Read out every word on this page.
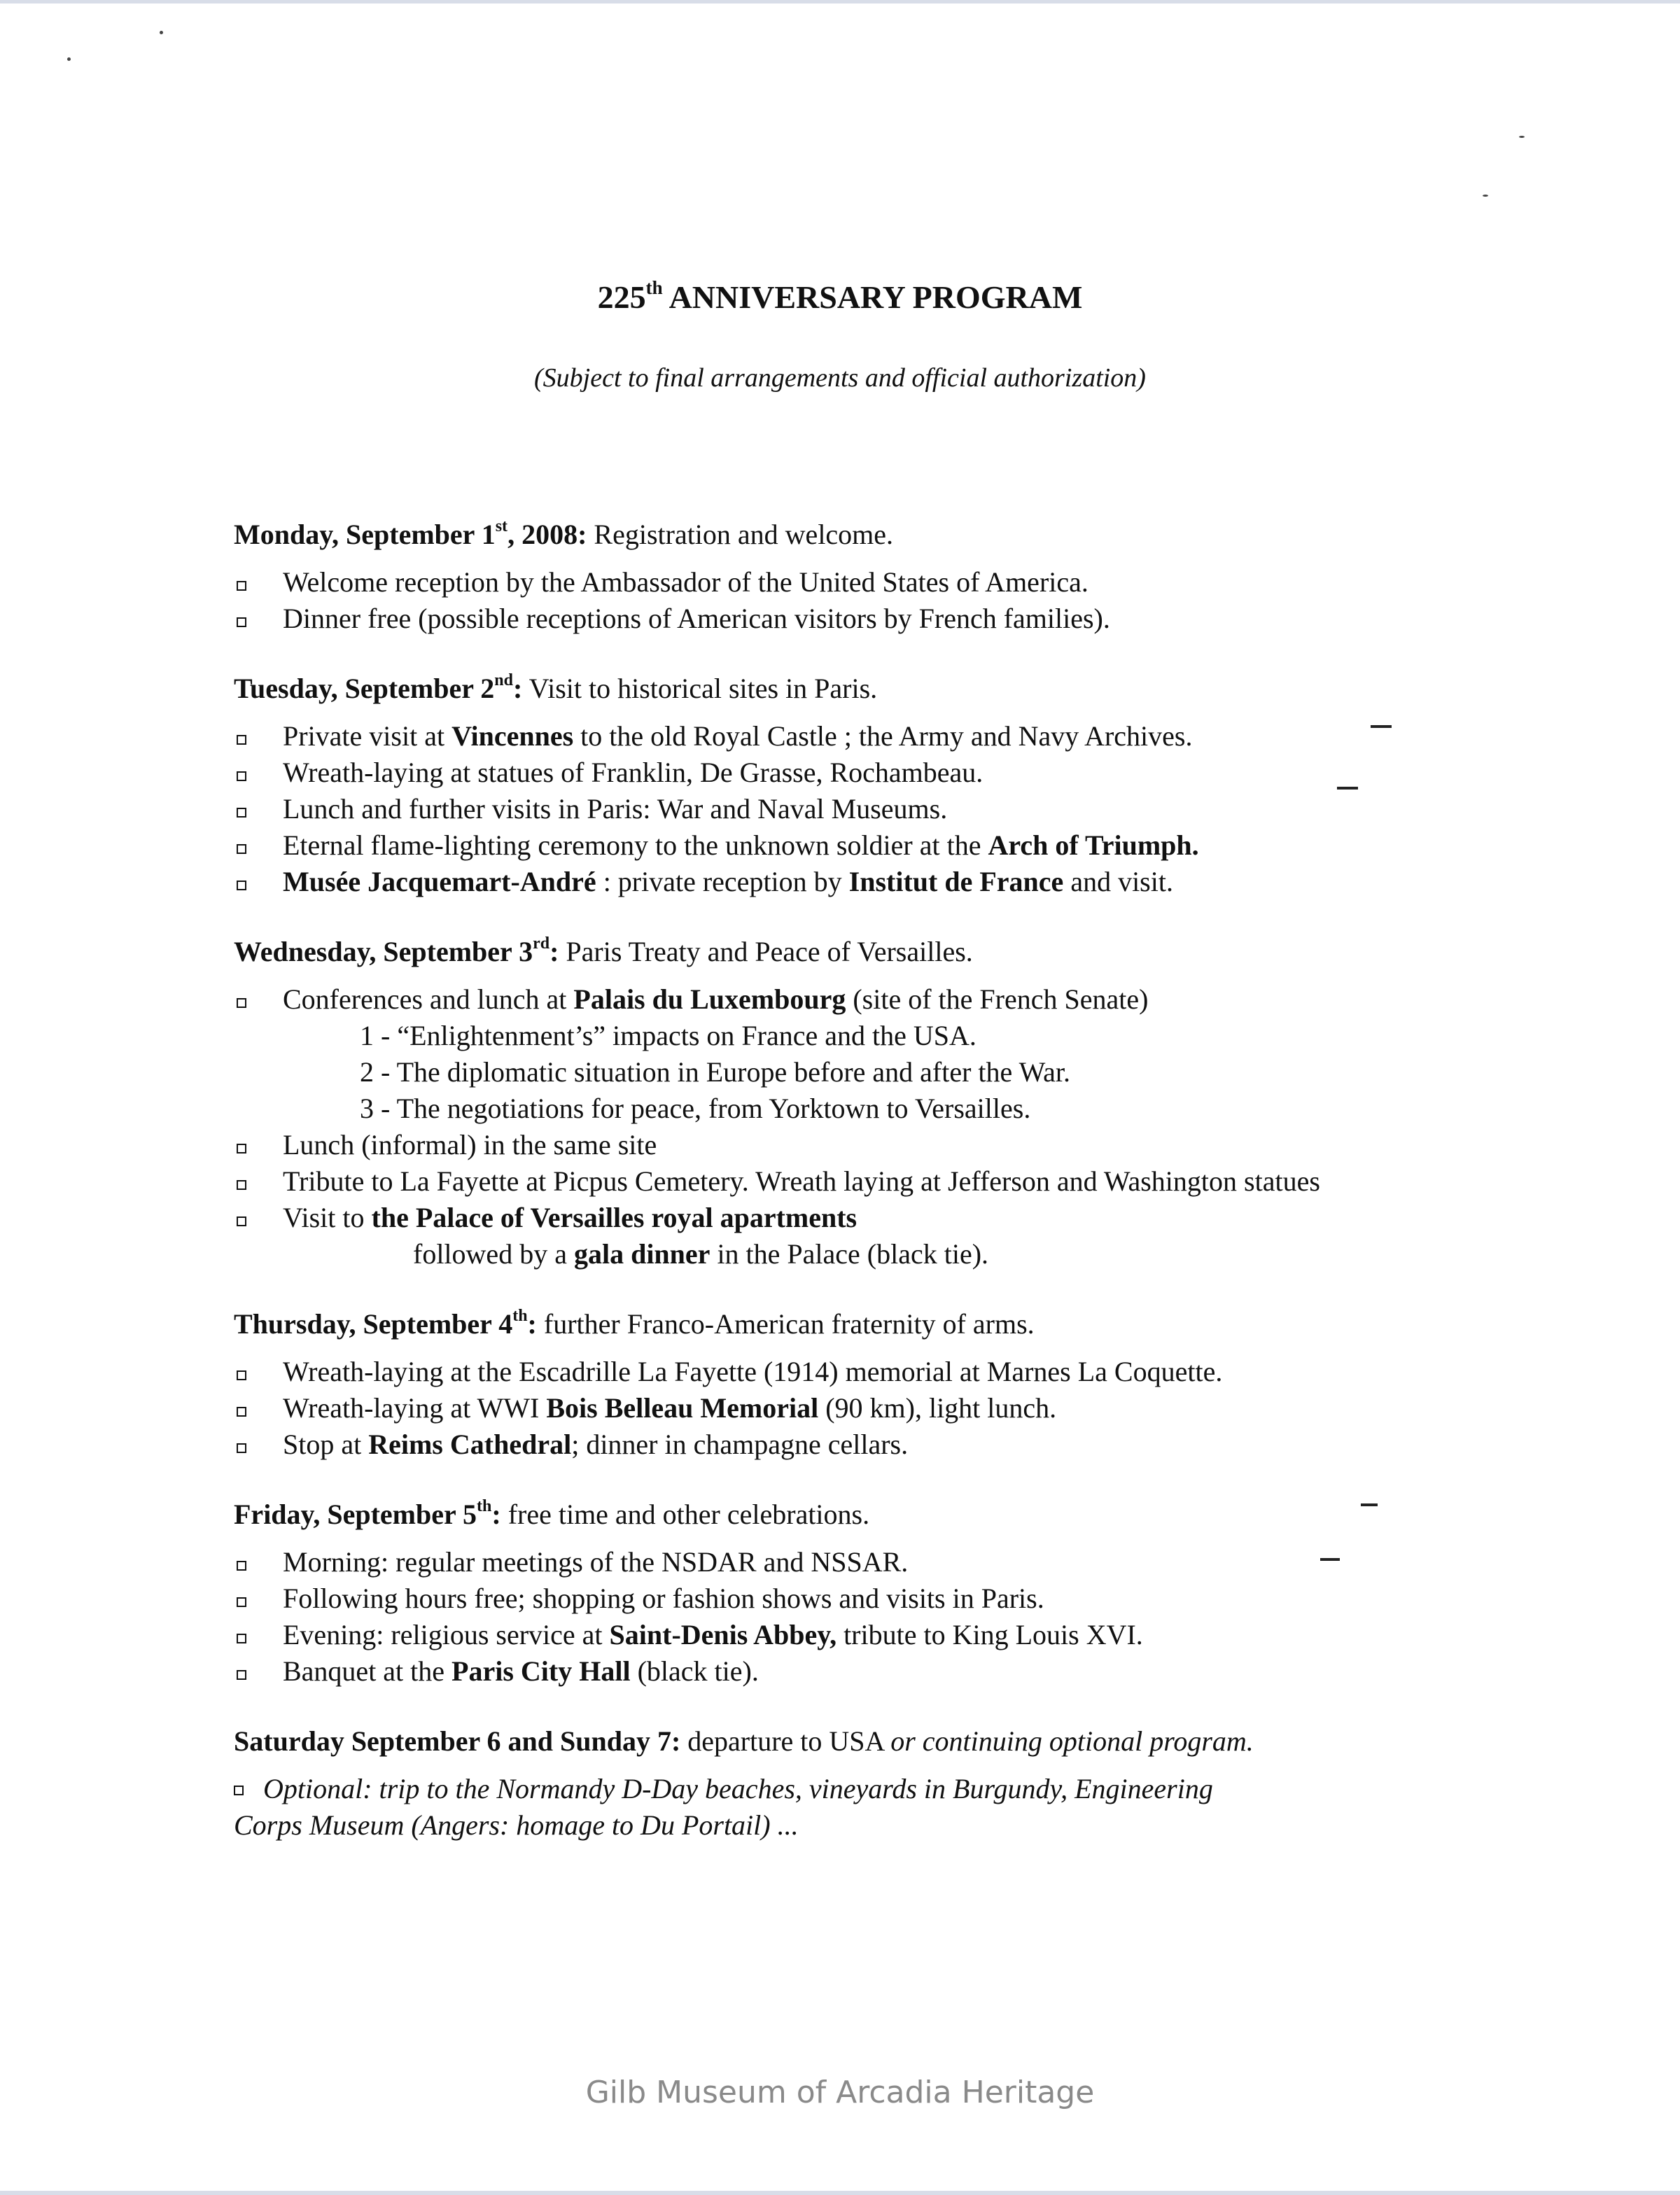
225th ANNIVERSARY PROGRAM
(Subject to final arrangements and official authorization)
Monday, September 1st, 2008: Registration and welcome.
Welcome reception by the Ambassador of the United States of America.
Dinner free (possible receptions of American visitors by French families).
Tuesday, September 2nd: Visit to historical sites in Paris.
Private visit at Vincennes to the old Royal Castle ; the Army and Navy Archives.
Wreath-laying at statues of Franklin, De Grasse, Rochambeau.
Lunch and further visits in Paris: War and Naval Museums.
Eternal flame-lighting ceremony to the unknown soldier at the Arch of Triumph.
Musée Jacquemart-André : private reception by Institut de France and visit.
Wednesday, September 3rd: Paris Treaty and Peace of Versailles.
Conferences and lunch at Palais du Luxembourg (site of the French Senate)
1 - “Enlightenment’s” impacts on France and the USA.
2 - The diplomatic situation in Europe before and after the War.
3 - The negotiations for peace, from Yorktown to Versailles.
Lunch (informal) in the same site
Tribute to La Fayette at Picpus Cemetery. Wreath laying at Jefferson and Washington statues
Visit to the Palace of Versailles royal apartments
followed by a gala dinner in the Palace (black tie).
Thursday, September 4th: further Franco-American fraternity of arms.
Wreath-laying at the Escadrille La Fayette (1914) memorial at Marnes La Coquette.
Wreath-laying at WWI Bois Belleau Memorial (90 km), light lunch.
Stop at Reims Cathedral; dinner in champagne cellars.
Friday, September 5th: free time and other celebrations.
Morning: regular meetings of the NSDAR and NSSAR.
Following hours free; shopping or fashion shows and visits in Paris.
Evening: religious service at Saint-Denis Abbey, tribute to King Louis XVI.
Banquet at the Paris City Hall (black tie).
Saturday September 6 and Sunday 7: departure to USA or continuing optional program.
Optional: trip to the Normandy D-Day beaches, vineyards in Burgundy, Engineering
Corps Museum (Angers: homage to Du Portail) ...
Gilb Museum of Arcadia Heritage
